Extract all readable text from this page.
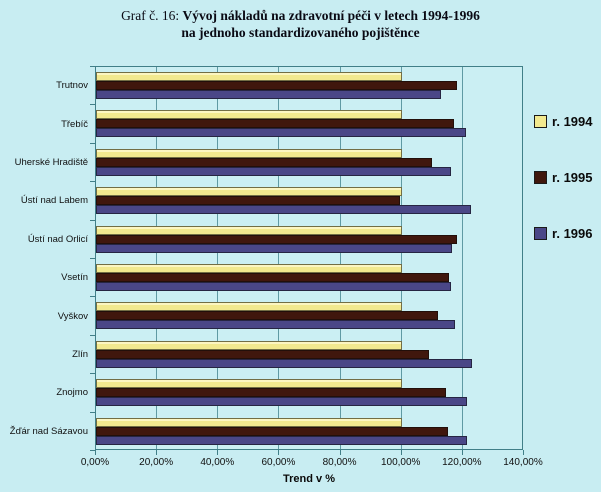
Graf č. 16: Vývoj nákladů na zdravotní péči v letech 1994-1996
na jednoho standardizovaného pojištěnce
Trend v %
r. 1994
r. 1995
r. 1996
0,00%	20,00%	40,00%	60,00%	80,00%	100,00%	120,00%	140,00%
Trutnov
Třebíč
Uherské Hradiště
Ústí nad Labem
Ústí nad Orlicí
Vsetín
Vyškov
Zlín
Znojmo
Žďár nad Sázavou
